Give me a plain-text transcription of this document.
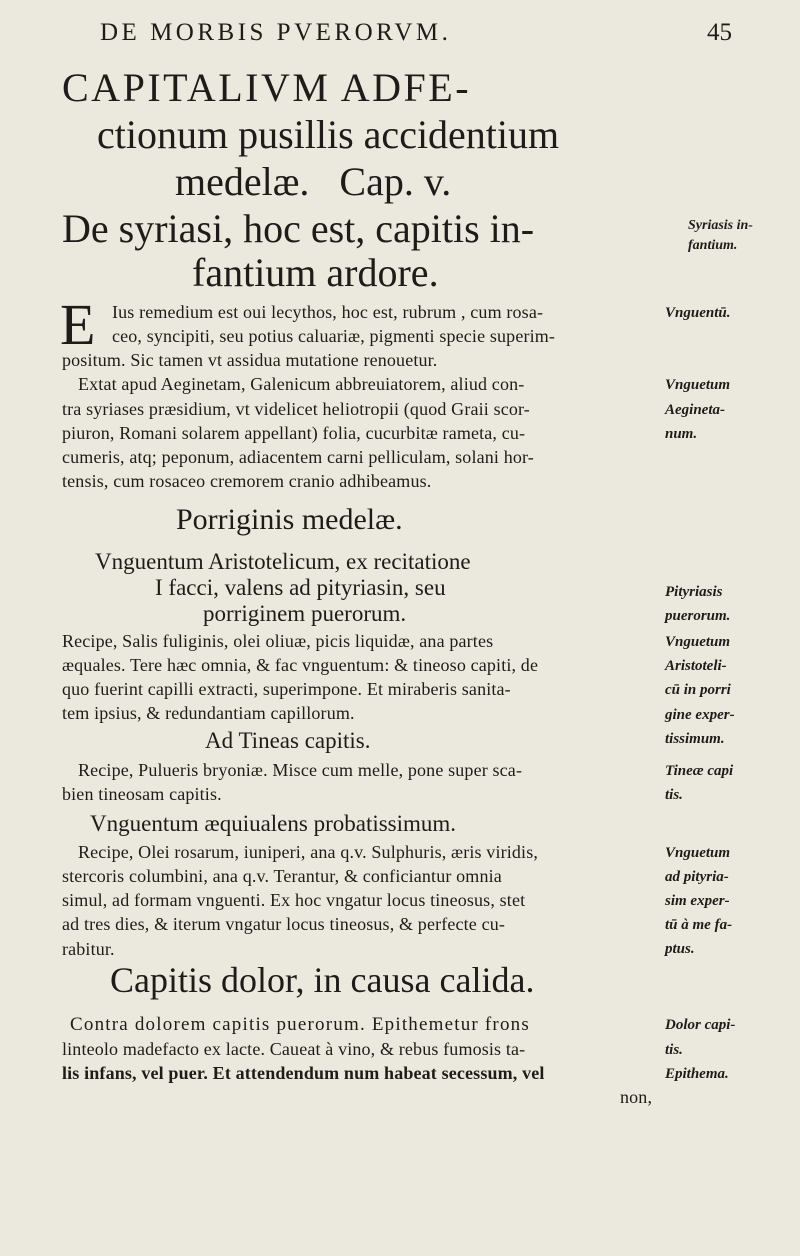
DE MORBIS PVERORVM.	45
CAPITALIVM ADFE-
ctionum pusillis accidentium
medelæ.   Cap. v.
De syriasi, hoc est, capitis in-
fantium ardore.
E Ius remedium est oui lecythos, hoc est, rubrum , cum rosa-
ceo, syncipiti, seu potius caluariæ, pigmenti specie superim-
positum. Sic tamen vt assidua mutatione renouetur.
Extat apud Aeginetam, Galenicum abbreuiatorem, aliud con-
tra syriases præsidium, vt videlicet heliotropii (quod Graii scor-
piuron, Romani solarem appellant) folia, cucurbitæ rameta, cu-
cumeris, atq; peponum, adiacentem carni pelliculam, solani hor-
tensis, cum rosaceo cremorem cranio adhibeamus.
Porriginis medelæ.
Vnguentum Aristotelicum, ex recitatione
I facci, valens ad pityriasin, seu
porriginem puerorum.
Recipe, Salis fuliginis, olei oliuæ, picis liquidæ, ana partes
æquales. Tere hæc omnia, & fac vnguentum: & tineoso capiti, de
quo fuerint capilli extracti, superimpone. Et miraberis sanita-
tem ipsius, & redundantiam capillorum.
Ad Tineas capitis.
Recipe, Pulueris bryoniæ. Misce cum melle, pone super sca-
bien tineosam capitis.
Vnguentum æquiualens probatissimum.
Recipe, Olei rosarum, iuniperi, ana q.v. Sulphuris, æris viridis,
stercoris columbini, ana q.v. Terantur, & conficiantur omnia
simul, ad formam vnguenti. Ex hoc vngatur locus tineosus, stet
ad tres dies, & iterum vngatur locus tineosus, & perfecte cu-
rabitur.
Capitis dolor, in causa calida.
Contra dolorem capitis puerorum. Epithemetur frons
linteolo madefacto ex lacte. Caueat à vino, & rebus fumosis ta-
lis infans, vel puer. Et attendendum num habeat secessum, vel
non,
Syriasis in-
fantium.
Vnguentū.
Vnguetum
Aegineta-
num.
Pityriasis
puerorum.
Vnguetum
Aristoteli-
cū in porri
gine exper-
tissimum.
Tineæ capi
tis.
Vnguetum
ad pityria-
sim exper-
tū à me fa-
ptus.
Dolor capi-
tis.
Epithema.
